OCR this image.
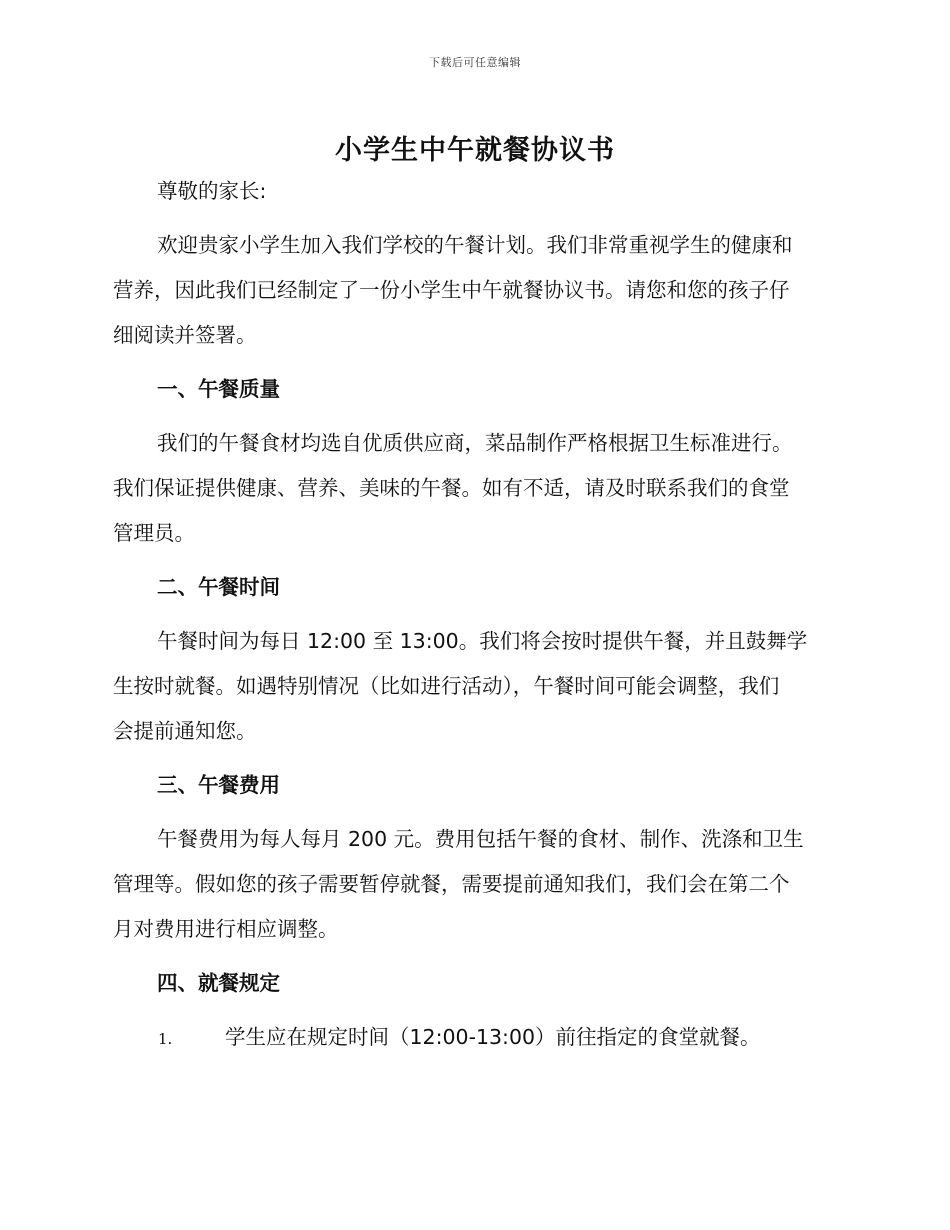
下载后可任意编辑
小学生中午就餐协议书
尊敬的家长:
欢迎贵家小学生加入我们学校的午餐计划。我们非常重视学生的健康和
营养，因此我们已经制定了一份小学生中午就餐协议书。请您和您的孩子仔
细阅读并签署。
一、午餐质量
我们的午餐食材均选自优质供应商，菜品制作严格根据卫生标准进行。
我们保证提供健康、营养、美味的午餐。如有不适，请及时联系我们的食堂
管理员。
二、午餐时间
午餐时间为每日 12:00 至 13:00。我们将会按时提供午餐，并且鼓舞学
生按时就餐。如遇特别情况（比如进行活动），午餐时间可能会调整，我们
会提前通知您。
三、午餐费用
午餐费用为每人每月 200 元。费用包括午餐的食材、制作、洗涤和卫生
管理等。假如您的孩子需要暂停就餐，需要提前通知我们，我们会在第二个
月对费用进行相应调整。
四、就餐规定
1.	学生应在规定时间（12:00-13:00）前往指定的食堂就餐。
